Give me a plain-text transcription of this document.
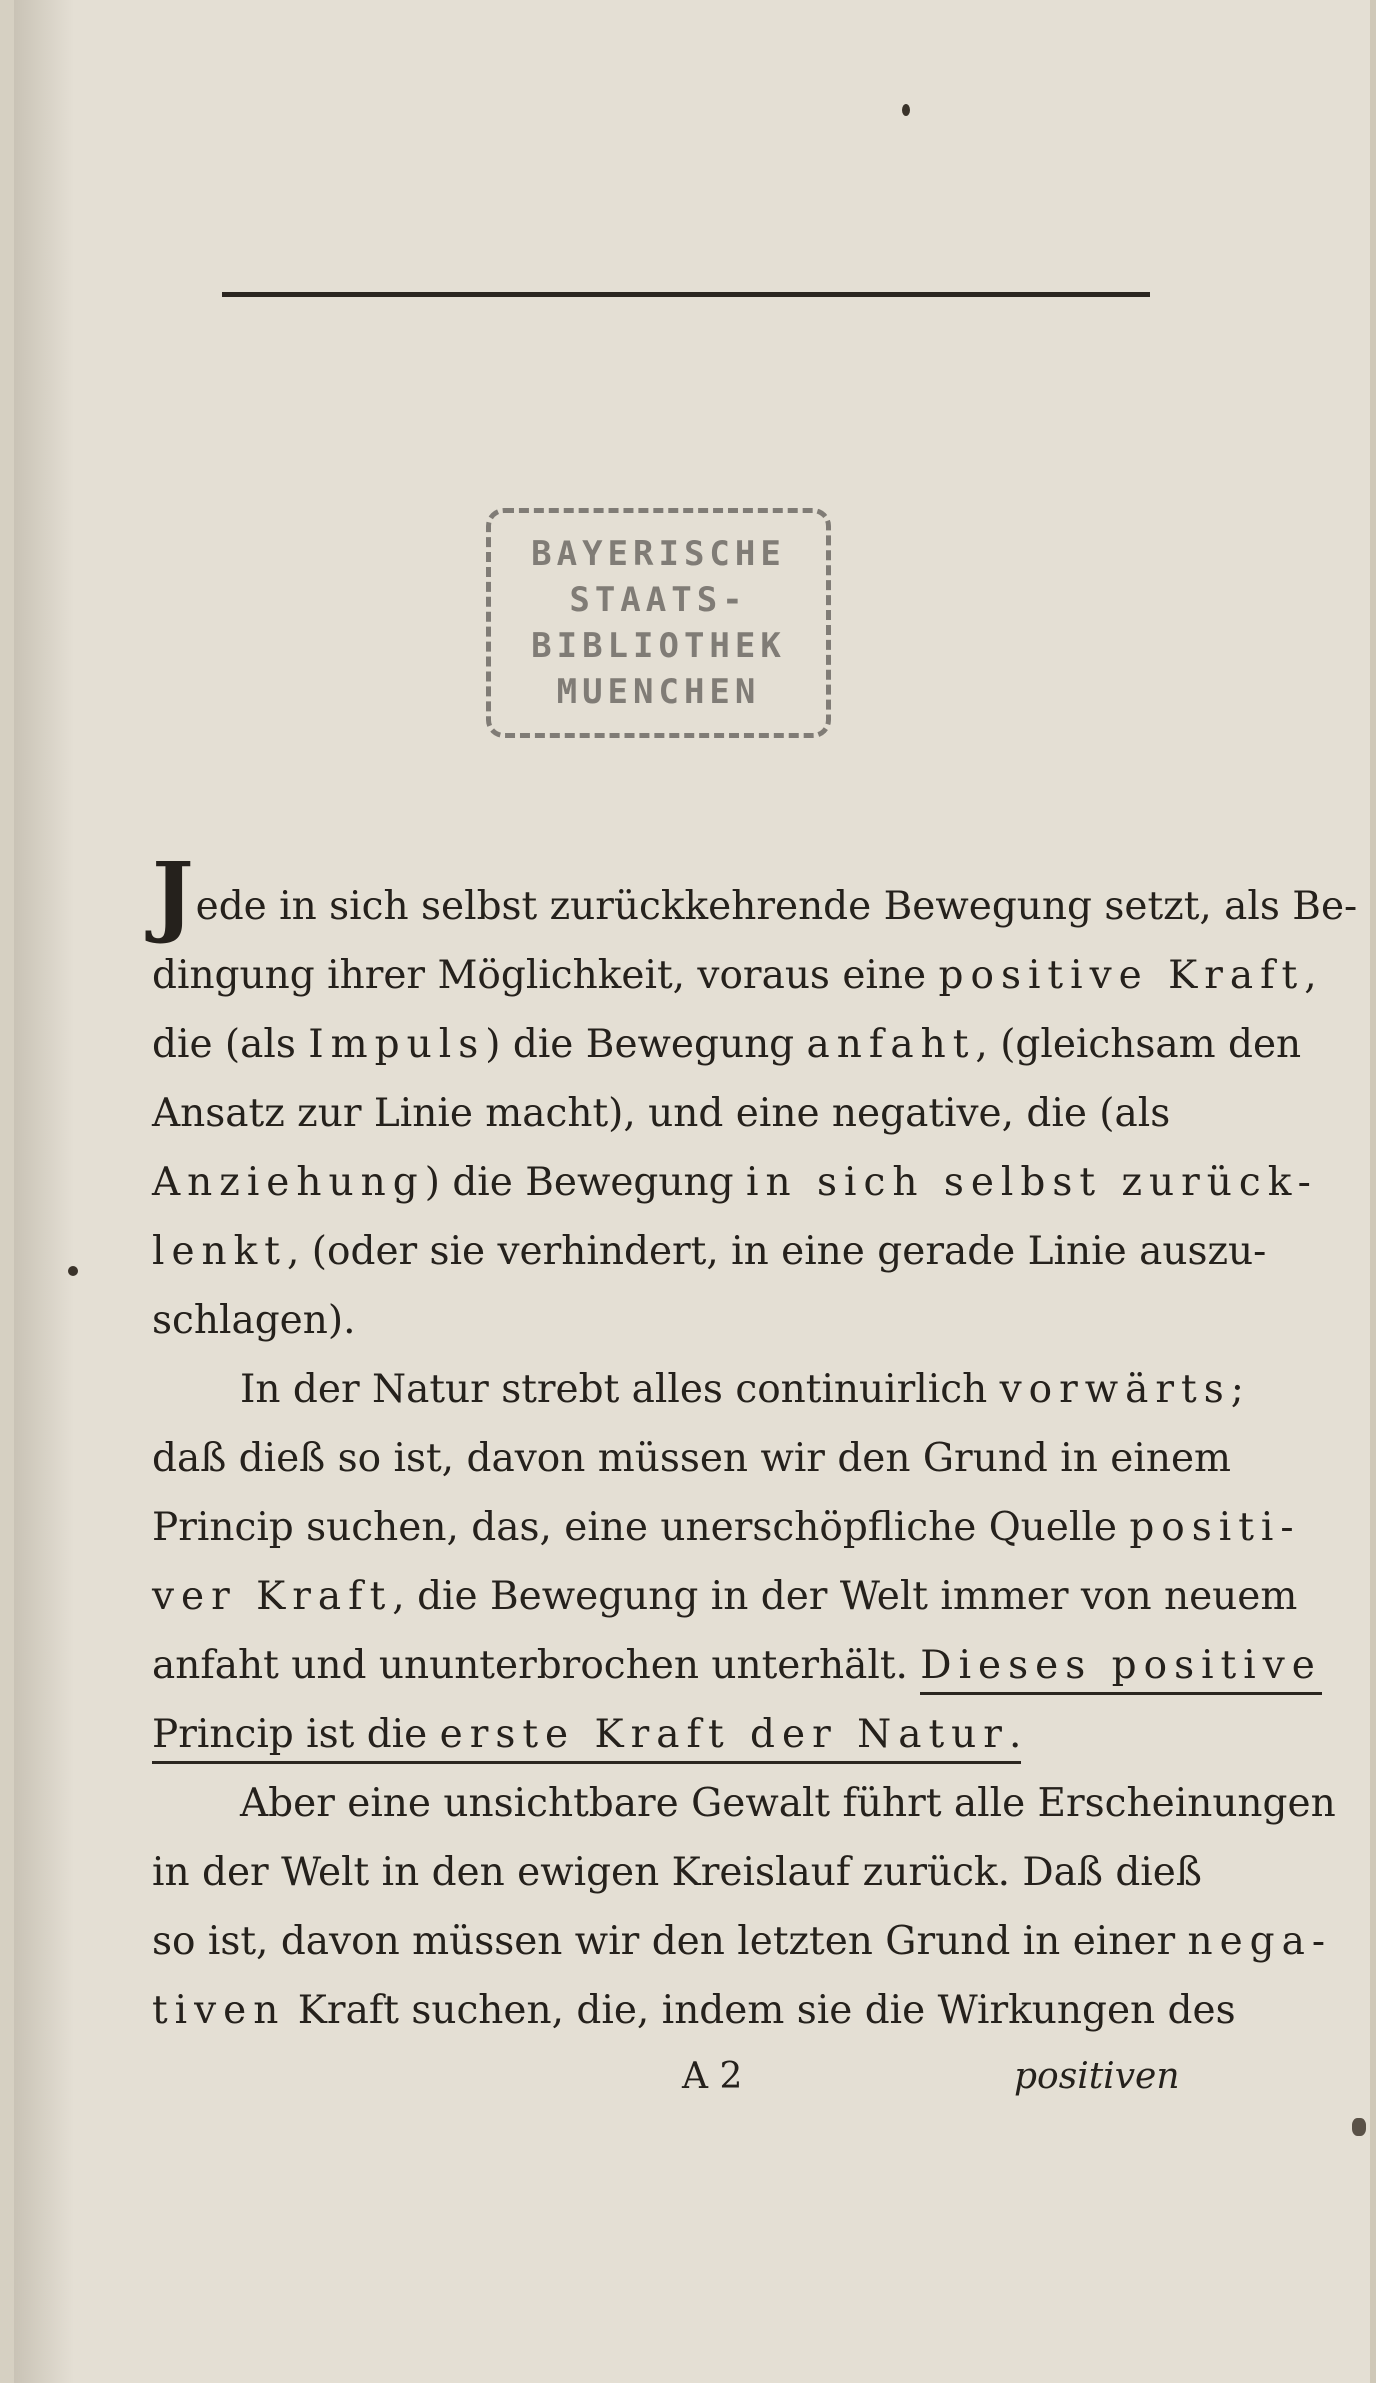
BAYERISCHE
STAATS-
BIBLIOTHEK
MUENCHEN
Jede in sich selbst zurückkehrende Bewegung setzt, als Be-
dingung ihrer Möglichkeit, voraus eine positive Kraft,
die (als Impuls) die Bewegung anfaht, (gleichsam den
Ansatz zur Linie macht), und eine negative, die (als
Anziehung) die Bewegung in sich selbst zurück-
lenkt, (oder sie verhindert, in eine gerade Linie auszu-
schlagen).
In der Natur strebt alles continuirlich vorwärts;
daß dieß so ist, davon müssen wir den Grund in einem
Princip suchen, das, eine unerschöpfliche Quelle positi-
ver Kraft, die Bewegung in der Welt immer von neuem
anfaht und ununterbrochen unterhält. Dieses positive
Princip ist die erste Kraft der Natur.
Aber eine unsichtbare Gewalt führt alle Erscheinungen
in der Welt in den ewigen Kreislauf zurück. Daß dieß
so ist, davon müssen wir den letzten Grund in einer nega-
tiven Kraft suchen, die, indem sie die Wirkungen des
A 2	positiven
